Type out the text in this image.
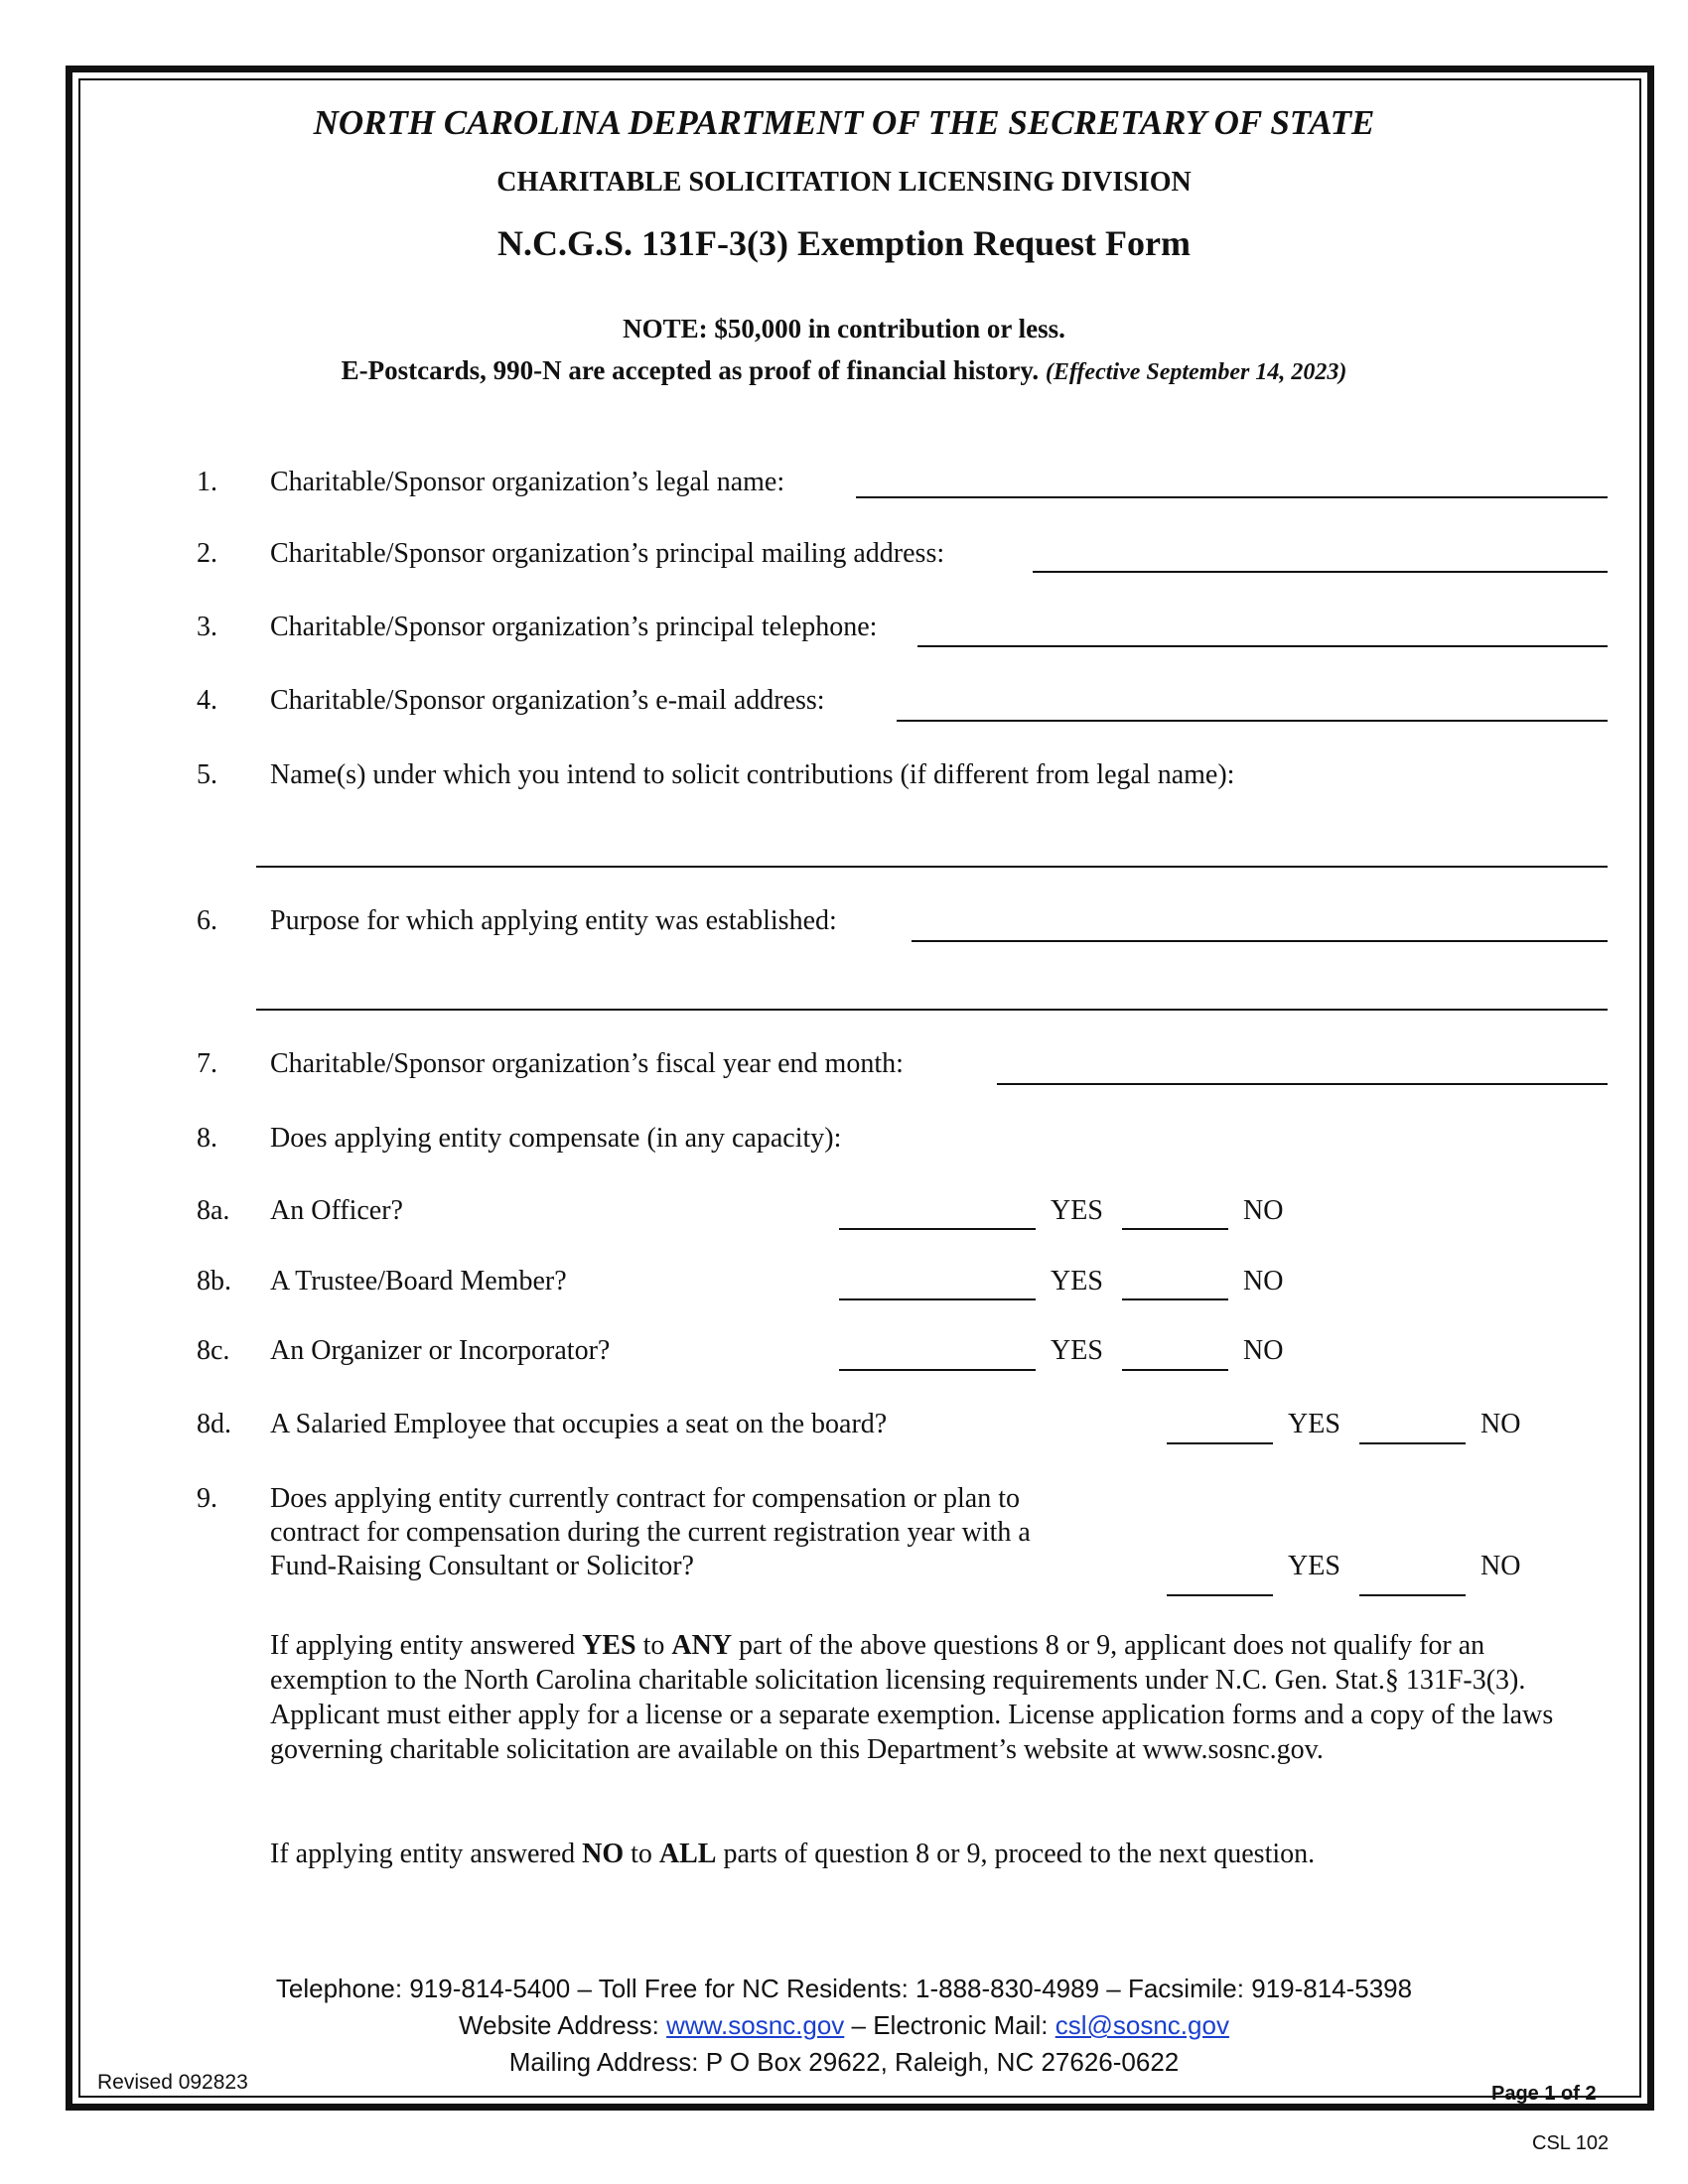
NORTH CAROLINA DEPARTMENT OF THE SECRETARY OF STATE
CHARITABLE SOLICITATION LICENSING DIVISION
N.C.G.S. 131F-3(3) Exemption Request Form
NOTE: $50,000 in contribution or less.
E-Postcards, 990-N are accepted as proof of financial history. (Effective September 14, 2023)
1. Charitable/Sponsor organization’s legal name:
2. Charitable/Sponsor organization’s principal mailing address:
3. Charitable/Sponsor organization’s principal telephone:
4. Charitable/Sponsor organization’s e-mail address:
5. Name(s) under which you intend to solicit contributions (if different from legal name):
6. Purpose for which applying entity was established:
7. Charitable/Sponsor organization’s fiscal year end month:
8. Does applying entity compensate (in any capacity):
8a. An Officer?	YES	NO
8b. A Trustee/Board Member?	YES	NO
8c. An Organizer or Incorporator?	YES	NO
8d. A Salaried Employee that occupies a seat on the board?	YES	NO
9. Does applying entity currently contract for compensation or plan to
contract for compensation during the current registration year with a
Fund-Raising Consultant or Solicitor?	YES	NO
If applying entity answered YES to ANY part of the above questions 8 or 9, applicant does not qualify for an exemption to the North Carolina charitable solicitation licensing requirements under N.C. Gen. Stat.§ 131F-3(3). Applicant must either apply for a license or a separate exemption. License application forms and a copy of the laws governing charitable solicitation are available on this Department’s website at www.sosnc.gov.
If applying entity answered NO to ALL parts of question 8 or 9, proceed to the next question.
Telephone: 919-814-5400 – Toll Free for NC Residents: 1-888-830-4989 – Facsimile: 919-814-5398
Website Address: www.sosnc.gov – Electronic Mail: csl@sosnc.gov
Mailing Address: P O Box 29622, Raleigh, NC 27626-0622
Revised 092823	Page 1 of 2
CSL 102
